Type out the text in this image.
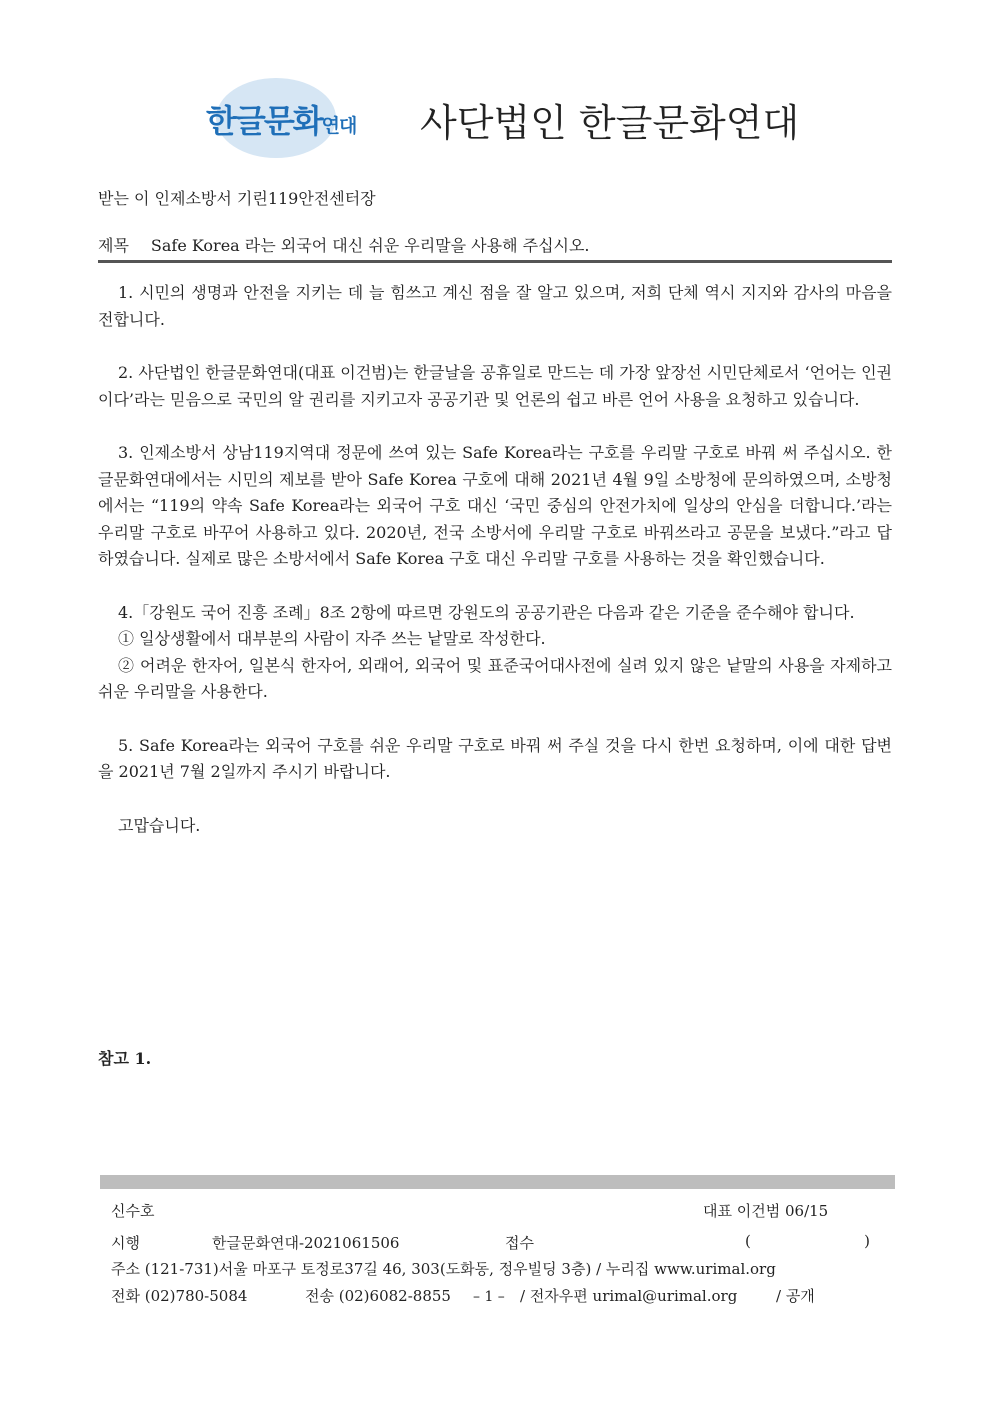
한글문화연대 사단법인 한글문화연대
받는 이 인제소방서 기린119안전센터장
제목 Safe Korea 라는 외국어 대신 쉬운 우리말을 사용해 주십시오.

1. 시민의 생명과 안전을 지키는 데 늘 힘쓰고 계신 점을 잘 알고 있으며, 저희 단체 역시 지지와 감사의 마음을 전합니다.

2. 사단법인 한글문화연대(대표 이건범)는 한글날을 공휴일로 만드는 데 가장 앞장선 시민단체로서 ‘언어는 인권이다’라는 믿음으로 국민의 알 권리를 지키고자 공공기관 및 언론의 쉽고 바른 언어 사용을 요청하고 있습니다.

3. 인제소방서 상남119지역대 정문에 쓰여 있는 Safe Korea라는 구호를 우리말 구호로 바꿔 써 주십시오. 한글문화연대에서는 시민의 제보를 받아 Safe Korea 구호에 대해 2021년 4월 9일 소방청에 문의하였으며, 소방청에서는 “119의 약속 Safe Korea라는 외국어 구호 대신 ‘국민 중심의 안전가치에 일상의 안심을 더합니다.’라는 우리말 구호로 바꾸어 사용하고 있다. 2020년, 전국 소방서에 우리말 구호로 바꿔쓰라고 공문을 보냈다.”라고 답하였습니다. 실제로 많은 소방서에서 Safe Korea 구호 대신 우리말 구호를 사용하는 것을 확인했습니다.

4.「강원도 국어 진흥 조례」8조 2항에 따르면 강원도의 공공기관은 다음과 같은 기준을 준수해야 합니다.

① 일상생활에서 대부분의 사람이 자주 쓰는 낱말로 작성한다.

② 어려운 한자어, 일본식 한자어, 외래어, 외국어 및 표준국어대사전에 실려 있지 않은 낱말의 사용을 자제하고 쉬운 우리말을 사용한다.

5. Safe Korea라는 외국어 구호를 쉬운 우리말 구호로 바꿔 써 주실 것을 다시 한번 요청하며, 이에 대한 답변을 2021년 7월 2일까지 주시기 바랍니다.

고맙습니다.

참고 1.
신수호	대표 이건범 06/15
시행	한글문화연대-2021061506	접수	(	)
주소 (121-731)서울 마포구 토정로37길 46, 303(도화동, 정우빌딩 3층) / 누리집 www.urimal.org
전화 (02)780-5084	전송 (02)6082-8855 – 1 – / 전자우편 urimal@urimal.org	/ 공개
